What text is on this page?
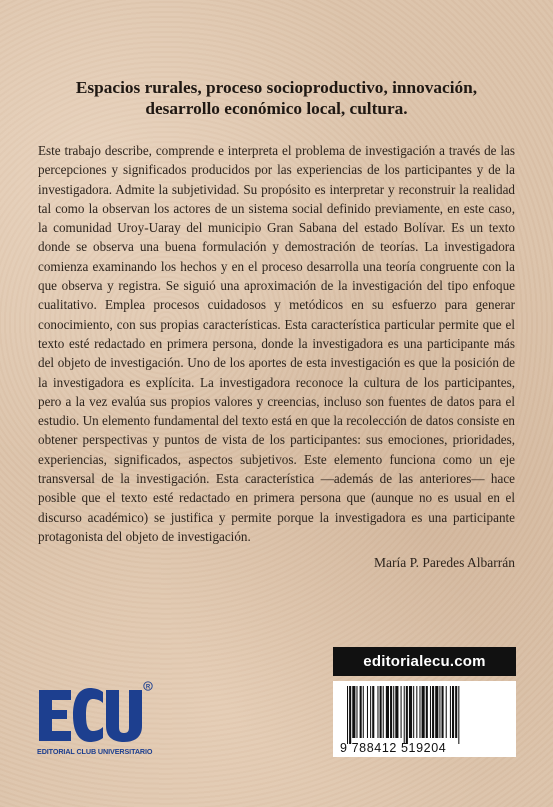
Espacios rurales, proceso socioproductivo, innovación, desarrollo económico local, cultura.

Este trabajo describe, comprende e interpreta el problema de investigación a través de las percepciones y significados producidos por las experiencias de los participantes y de la investigadora. Admite la subjetividad. Su propósito es interpretar y reconstruir la realidad tal como la observan los actores de un sistema social definido previamente, en este caso, la comunidad Uroy-Uaray del municipio Gran Sabana del estado Bolívar. Es un texto donde se observa una buena formulación y demostración de teorías. La investigadora comienza examinando los hechos y en el proceso desarrolla una teoría congruente con la que observa y registra. Se siguió una aproximación de la investigación del tipo enfoque cualitativo. Emplea procesos cuidadosos y metódicos en su esfuerzo para generar conocimiento, con sus propias características. Esta característica particular permite que el texto esté redactado en primera persona, donde la investigadora es una participante más del objeto de investigación. Uno de los aportes de esta investigación es que la posición de la investigadora es explícita. La investigadora reconoce la cultura de los participantes, pero a la vez evalúa sus propios valores y creencias, incluso son fuentes de datos para el estudio. Un elemento fundamental del texto está en que la recolección de datos consiste en obtener perspectivas y puntos de vista de los participantes: sus emociones, prioridades, experiencias, significados, aspectos subjetivos. Este elemento funciona como un eje transversal de la investigación. Esta característica —además de las anteriores— hace posible que el texto esté redactado en primera persona que (aunque no es usual en el discurso académico) se justifica y permite porque la investigadora es una participante protagonista del objeto de investigación.

María P. Paredes Albarrán

R
EDITORIAL CLUB UNIVERSITARIO
editorialecu.com
9 788412 519204
